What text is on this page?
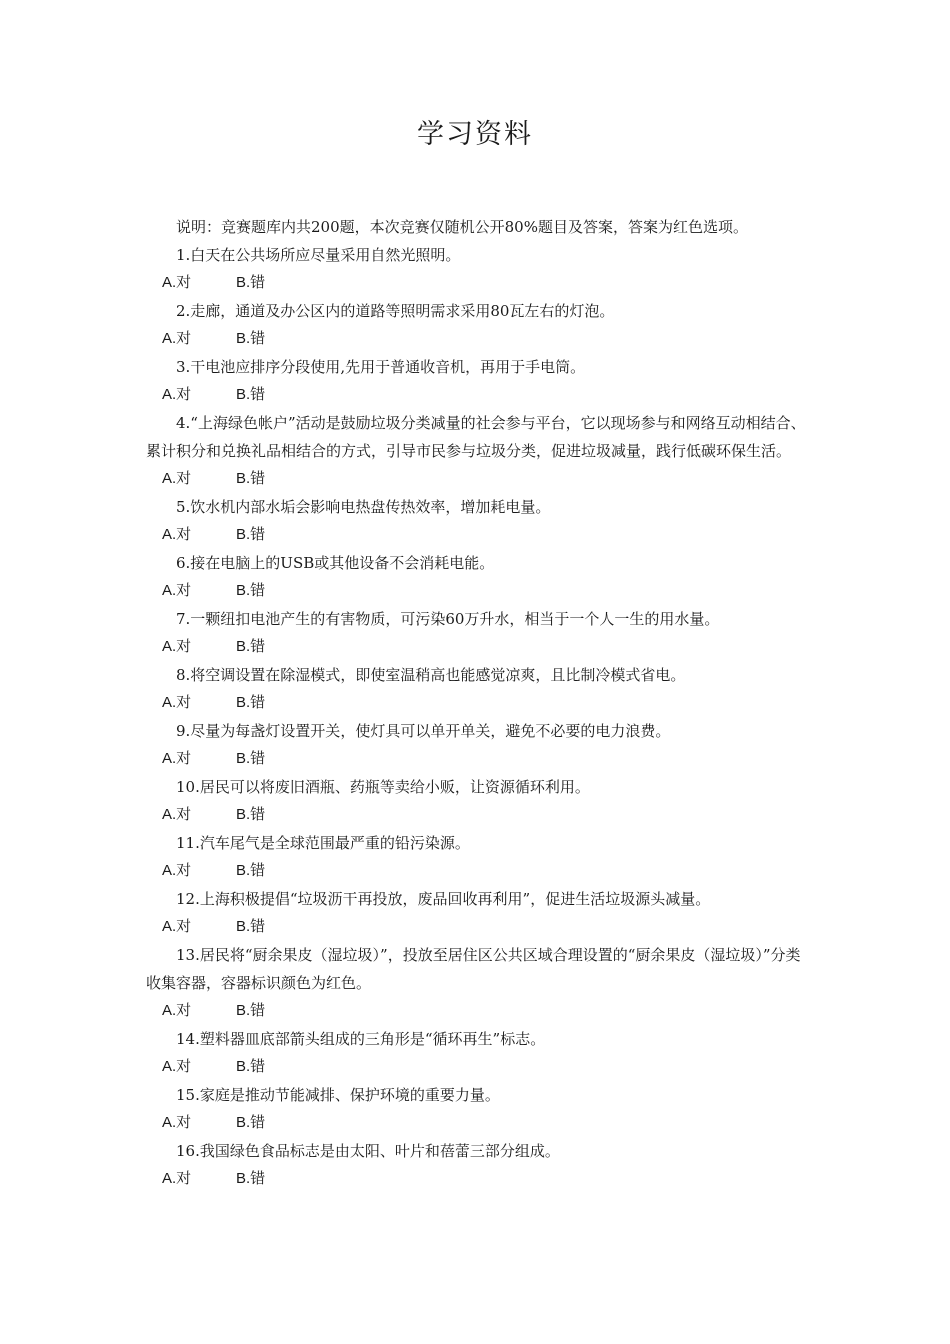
学习资料

说明：竞赛题库内共200题，本次竞赛仅随机公开80%题目及答案，答案为红色选项。

1.白天在公共场所应尽量采用自然光照明。

A.对	B.错

2.走廊，通道及办公区内的道路等照明需求采用80瓦左右的灯泡。

A.对	B.错

3.干电池应排序分段使用,先用于普通收音机，再用于手电筒。

A.对	B.错

4.“上海绿色帐户”活动是鼓励垃圾分类减量的社会参与平台，它以现场参与和网络互动相结合、累计积分和兑换礼品相结合的方式，引导市民参与垃圾分类，促进垃圾减量，践行低碳环保生活。

A.对	B.错

5.饮水机内部水垢会影响电热盘传热效率，增加耗电量。

A.对	B.错

6.接在电脑上的USB或其他设备不会消耗电能。

A.对	B.错

7.一颗纽扣电池产生的有害物质，可污染60万升水，相当于一个人一生的用水量。

A.对	B.错

8.将空调设置在除湿模式，即使室温稍高也能感觉凉爽，且比制冷模式省电。

A.对	B.错

9.尽量为每盏灯设置开关，使灯具可以单开单关，避免不必要的电力浪费。

A.对	B.错

10.居民可以将废旧酒瓶、药瓶等卖给小贩，让资源循环利用。

A.对	B.错

11.汽车尾气是全球范围最严重的铅污染源。

A.对	B.错

12.上海积极提倡“垃圾沥干再投放，废品回收再利用”，促进生活垃圾源头减量。

A.对	B.错

13.居民将“厨余果皮（湿垃圾）”，投放至居住区公共区域合理设置的“厨余果皮（湿垃圾）”分类收集容器，容器标识颜色为红色。

A.对	B.错

14.塑料器皿底部箭头组成的三角形是“循环再生”标志。

A.对	B.错

15.家庭是推动节能减排、保护环境的重要力量。

A.对	B.错

16.我国绿色食品标志是由太阳、叶片和蓓蕾三部分组成。

A.对	B.错
